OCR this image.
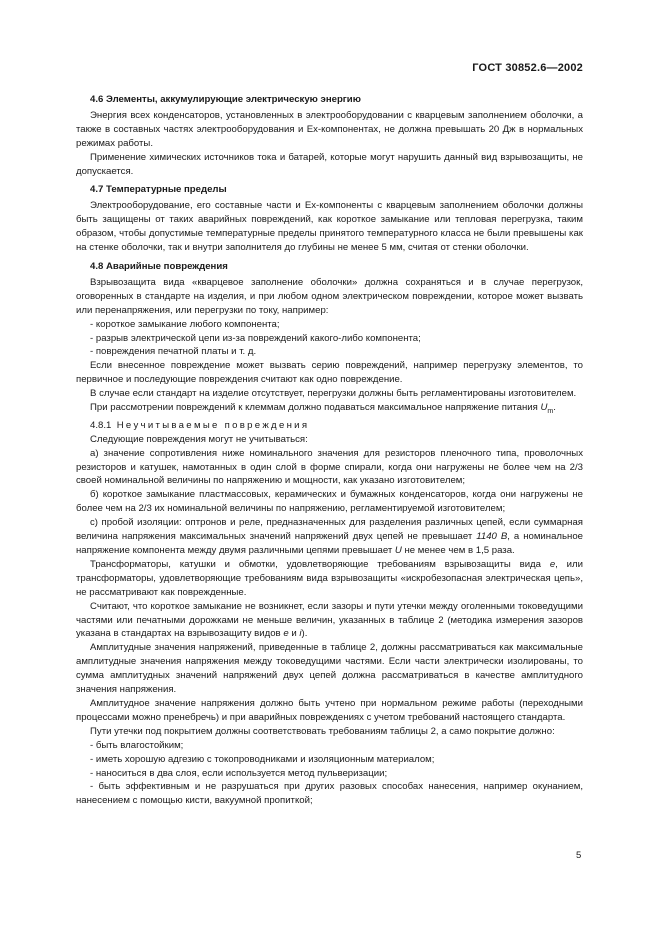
ГОСТ 30852.6—2002
4.6 Элементы, аккумулирующие электрическую энергию

Энергия всех конденсаторов, установленных в электрооборудовании с кварцевым заполнением оболочки, а также в составных частях электрооборудования и Ex-компонентах, не должна превышать 20 Дж в нормальных режимах работы.

Применение химических источников тока и батарей, которые могут нарушить данный вид взрывозащиты, не допускается.

4.7 Температурные пределы

Электрооборудование, его составные части и Ex-компоненты с кварцевым заполнением оболочки должны быть защищены от таких аварийных повреждений, как короткое замыкание или тепловая перегрузка, таким образом, чтобы допустимые температурные пределы принятого температурного класса не были превышены как на стенке оболочки, так и внутри заполнителя до глубины не менее 5 мм, считая от стенки оболочки.

4.8 Аварийные повреждения

Взрывозащита вида «кварцевое заполнение оболочки» должна сохраняться и в случае перегрузок, оговоренных в стандарте на изделия, и при любом одном электрическом повреждении, которое может вызвать или перенапряжения, или перегрузки по току, например:

- короткое замыкание любого компонента;

- разрыв электрической цепи из-за повреждений какого-либо компонента;

- повреждения печатной платы и т. д.

Если внесенное повреждение может вызвать серию повреждений, например перегрузку элементов, то первичное и последующие повреждения считают как одно повреждение.

В случае если стандарт на изделие отсутствует, перегрузки должны быть регламентированы изготовителем.

При рассмотрении повреждений к клеммам должно подаваться максимальное напряжение питания $U_m$.

4.8.1 Неучитываемые повреждения

Следующие повреждения могут не учитываться:

а) значение сопротивления ниже номинального значения для резисторов пленочного типа, проволочных резисторов и катушек, намотанных в один слой в форме спирали, когда они нагружены не более чем на 2/3 своей номинальной величины по напряжению и мощности, как указано изготовителем;

б) короткое замыкание пластмассовых, керамических и бумажных конденсаторов, когда они нагружены не более чем на 2/3 их номинальной величины по напряжению, регламентируемой изготовителем;

с) пробой изоляции: оптронов и реле, предназначенных для разделения различных цепей, если суммарная величина напряжения максимальных значений напряжений двух цепей не превышает 1140 В, а номинальное напряжение компонента между двумя различными цепями превышает U не менее чем в 1,5 раза.

Трансформаторы, катушки и обмотки, удовлетворяющие требованиям взрывозащиты вида е, или трансформаторы, удовлетворяющие требованиям вида взрывозащиты «искробезопасная электрическая цепь», не рассматривают как поврежденные.

Считают, что короткое замыкание не возникнет, если зазоры и пути утечки между оголенными токоведущими частями или печатными дорожками не меньше величин, указанных в таблице 2 (методика измерения зазоров указана в стандартах на взрывозащиту видов е и i).

Амплитудные значения напряжений, приведенные в таблице 2, должны рассматриваться как максимальные амплитудные значения напряжения между токоведущими частями. Если части электрически изолированы, то сумма амплитудных значений напряжений двух цепей должна рассматриваться в качестве амплитудного значения напряжения.

Амплитудное значение напряжения должно быть учтено при нормальном режиме работы (переходными процессами можно пренебречь) и при аварийных повреждениях с учетом требований настоящего стандарта.

Пути утечки под покрытием должны соответствовать требованиям таблицы 2, а само покрытие должно:

- быть влагостойким;

- иметь хорошую адгезию с токопроводниками и изоляционным материалом;

- наноситься в два слоя, если используется метод пульверизации;

- быть эффективным и не разрушаться при других разовых способах нанесения, например окунанием, нанесением с помощью кисти, вакуумной пропиткой;

5
